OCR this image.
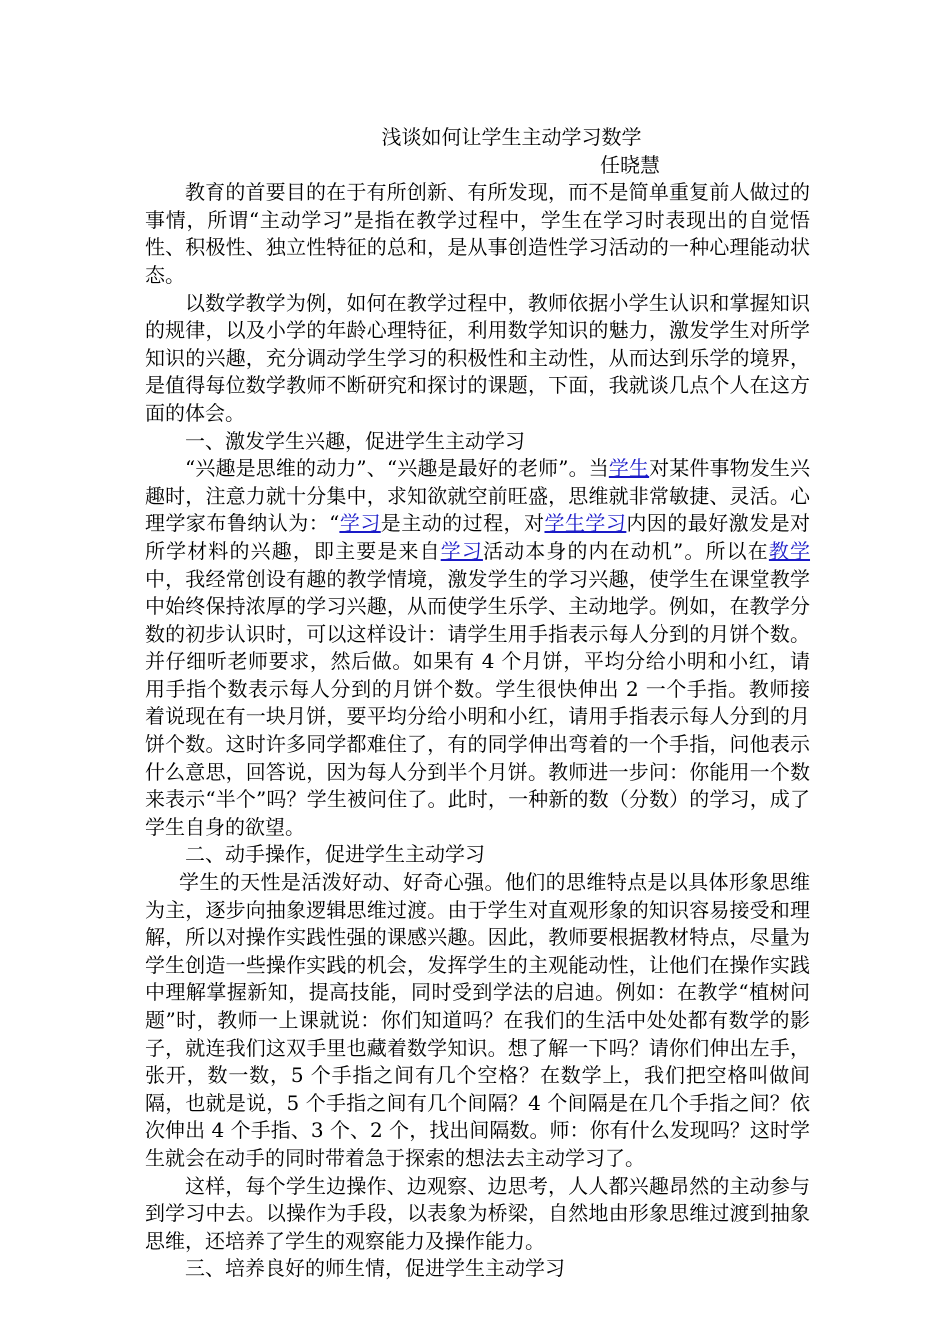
浅谈如何让学生主动学习数学

任晓慧

教育的首要目的在于有所创新、有所发现，而不是简单重复前人做过的事情，所谓“主动学习”是指在教学过程中，学生在学习时表现出的自觉悟性、积极性、独立性特征的总和，是从事创造性学习活动的一种心理能动状态。

以数学教学为例，如何在教学过程中，教师依据小学生认识和掌握知识的规律，以及小学的年龄心理特征，利用数学知识的魅力，激发学生对所学知识的兴趣，充分调动学生学习的积极性和主动性，从而达到乐学的境界，是值得每位数学教师不断研究和探讨的课题，下面，我就谈几点个人在这方面的体会。

一、激发学生兴趣，促进学生主动学习

“兴趣是思维的动力”、“兴趣是最好的老师”。当学生对某件事物发生兴趣时，注意力就十分集中，求知欲就空前旺盛，思维就非常敏捷、灵活。心理学家布鲁纳认为：“学习是主动的过程，对学生学习内因的最好激发是对所学材料的兴趣，即主要是来自学习活动本身的内在动机”。所以在教学中，我经常创设有趣的教学情境，激发学生的学习兴趣，使学生在课堂教学中始终保持浓厚的学习兴趣，从而使学生乐学、主动地学。例如，在教学分数的初步认识时，可以这样设计：请学生用手指表示每人分到的月饼个数。并仔细听老师要求，然后做。如果有 4 个月饼，平均分给小明和小红，请用手指个数表示每人分到的月饼个数。学生很快伸出 2 一个手指。教师接着说现在有一块月饼，要平均分给小明和小红，请用手指表示每人分到的月饼个数。这时许多同学都难住了，有的同学伸出弯着的一个手指，问他表示什么意思，回答说，因为每人分到半个月饼。教师进一步问：你能用一个数来表示“半个”吗？学生被问住了。此时，一种新的数（分数）的学习，成了学生自身的欲望。

二、动手操作，促进学生主动学习

学生的天性是活泼好动、好奇心强。他们的思维特点是以具体形象思维为主，逐步向抽象逻辑思维过渡。由于学生对直观形象的知识容易接受和理解，所以对操作实践性强的课感兴趣。因此，教师要根据教材特点，尽量为学生创造一些操作实践的机会，发挥学生的主观能动性，让他们在操作实践中理解掌握新知，提高技能，同时受到学法的启迪。例如：在教学“植树问题”时，教师一上课就说：你们知道吗？在我们的生活中处处都有数学的影子，就连我们这双手里也藏着数学知识。想了解一下吗？请你们伸出左手，张开，数一数，5 个手指之间有几个空格？在数学上，我们把空格叫做间隔，也就是说，5 个手指之间有几个间隔？4 个间隔是在几个手指之间？依次伸出 4 个手指、3 个、2 个，找出间隔数。师：你有什么发现吗？这时学生就会在动手的同时带着急于探索的想法去主动学习了。

这样，每个学生边操作、边观察、边思考，人人都兴趣昂然的主动参与到学习中去。以操作为手段，以表象为桥梁，自然地由形象思维过渡到抽象思维，还培养了学生的观察能力及操作能力。

三、培养良好的师生情，促进学生主动学习
